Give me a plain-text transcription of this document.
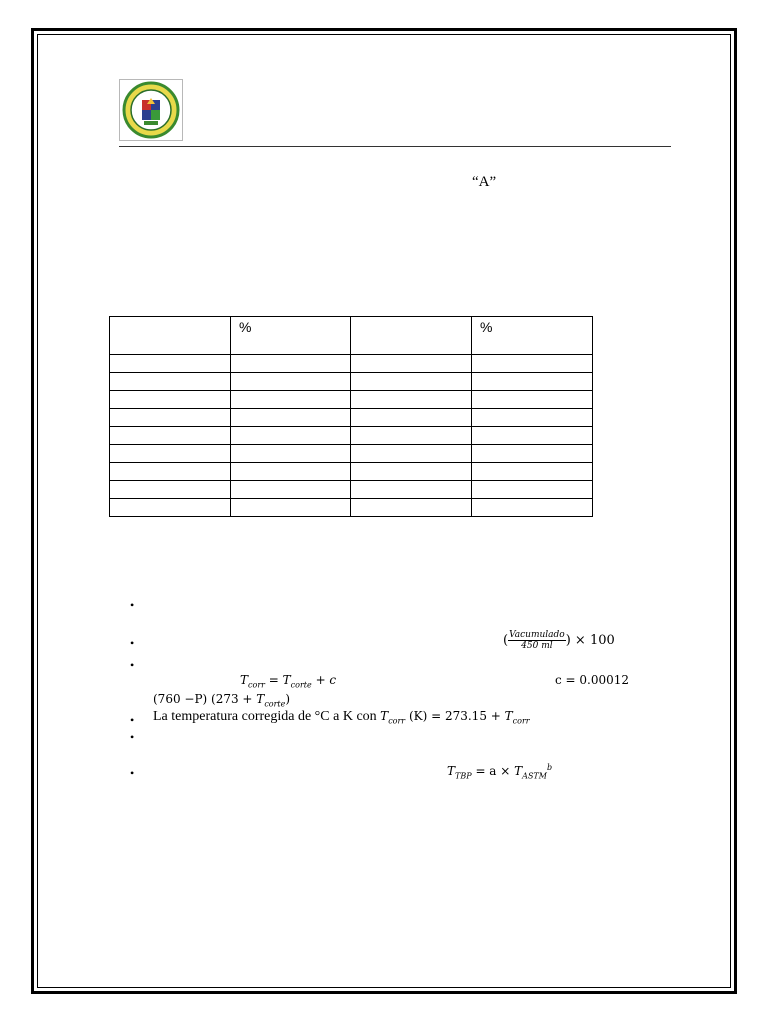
“A”
	%		%

•
•	( $\frac{\text{Vacumulado}}{450 ml}$ ) × 100
•
$T_{corr} = T_{corte} + c$	c = 0.00012
(760 −P) $(273 + T_{corte})$
• La temperatura corregida de °C a K con $T_{corr}$ $(K) = 273.15 + T_{corr}$
•
•	$T_{TBP} = a \times T_{ASTM}^b$
